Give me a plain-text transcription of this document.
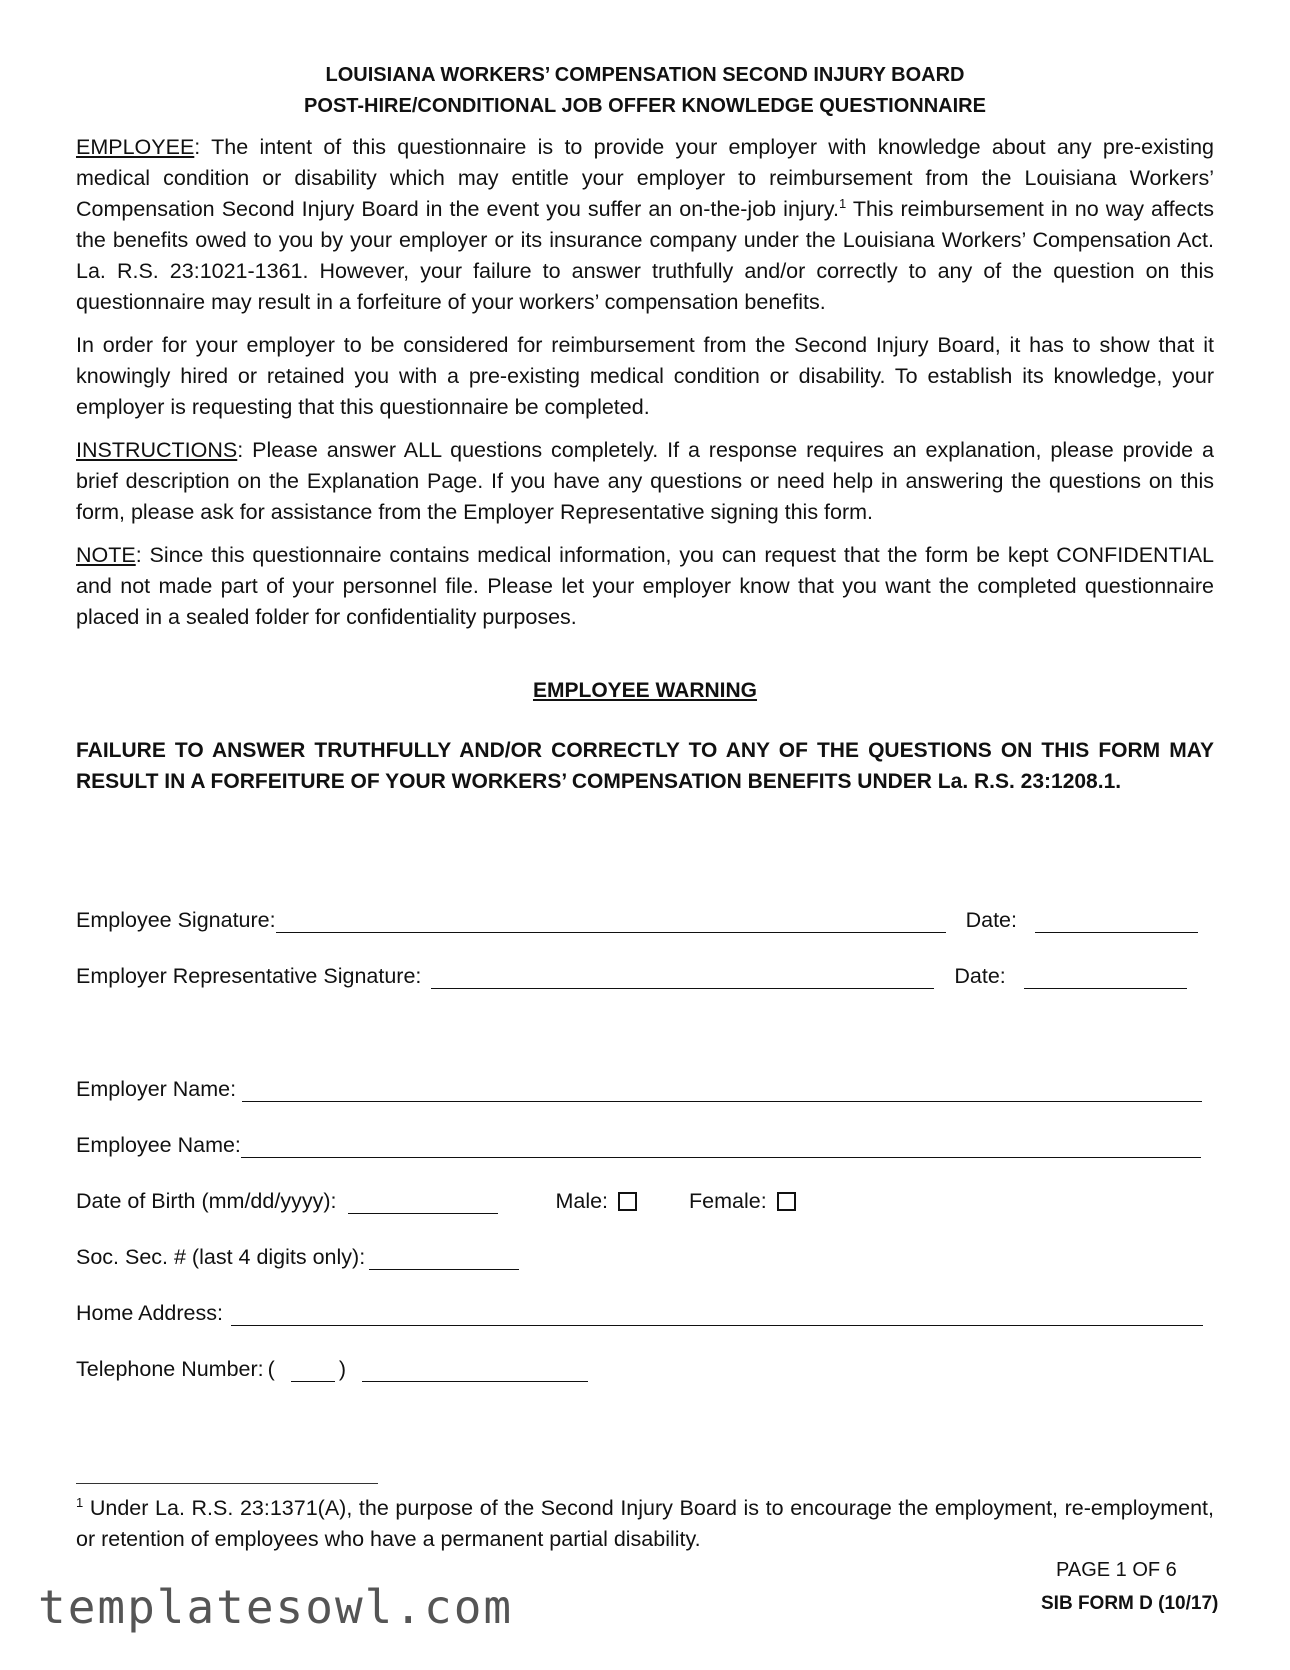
LOUISIANA WORKERS’ COMPENSATION SECOND INJURY BOARD

POST-HIRE/CONDITIONAL JOB OFFER KNOWLEDGE QUESTIONNAIRE

EMPLOYEE: The intent of this questionnaire is to provide your employer with knowledge about any pre-existing medical condition or disability which may entitle your employer to reimbursement from the Louisiana Workers’ Compensation Second Injury Board in the event you suffer an on-the-job injury.$^1$ This reimbursement in no way affects the benefits owed to you by your employer or its insurance company under the Louisiana Workers’ Compensation Act. La. R.S. 23:1021-1361. However, your failure to answer truthfully and/or correctly to any of the question on this questionnaire may result in a forfeiture of your workers’ compensation benefits.

In order for your employer to be considered for reimbursement from the Second Injury Board, it has to show that it knowingly hired or retained you with a pre-existing medical condition or disability. To establish its knowledge, your employer is requesting that this questionnaire be completed.

INSTRUCTIONS: Please answer ALL questions completely. If a response requires an explanation, please provide a brief description on the Explanation Page. If you have any questions or need help in answering the questions on this form, please ask for assistance from the Employer Representative signing this form.

NOTE: Since this questionnaire contains medical information, you can request that the form be kept CONFIDENTIAL and not made part of your personnel file. Please let your employer know that you want the completed questionnaire placed in a sealed folder for confidentiality purposes.

EMPLOYEE WARNING
FAILURE TO ANSWER TRUTHFULLY AND/OR CORRECTLY TO ANY OF THE QUESTIONS ON THIS FORM MAY RESULT IN A FORFEITURE OF YOUR WORKERS’ COMPENSATION BENEFITS UNDER La. R.S. 23:1208.1.
Employee Signature:	Date:
Employer Representative Signature:	Date:
Employer Name:
Employee Name:
Date of Birth (mm/dd/yyyy):	Male:	Female:
Soc. Sec. # (last 4 digits only):
Home Address:
Telephone Number: (	)
$^1$ Under La. R.S. 23:1371(A), the purpose of the Second Injury Board is to encourage the employment, re-employment, or retention of employees who have a permanent partial disability.
PAGE 1 OF 6
SIB FORM D (10/17)
templatesowl.com
